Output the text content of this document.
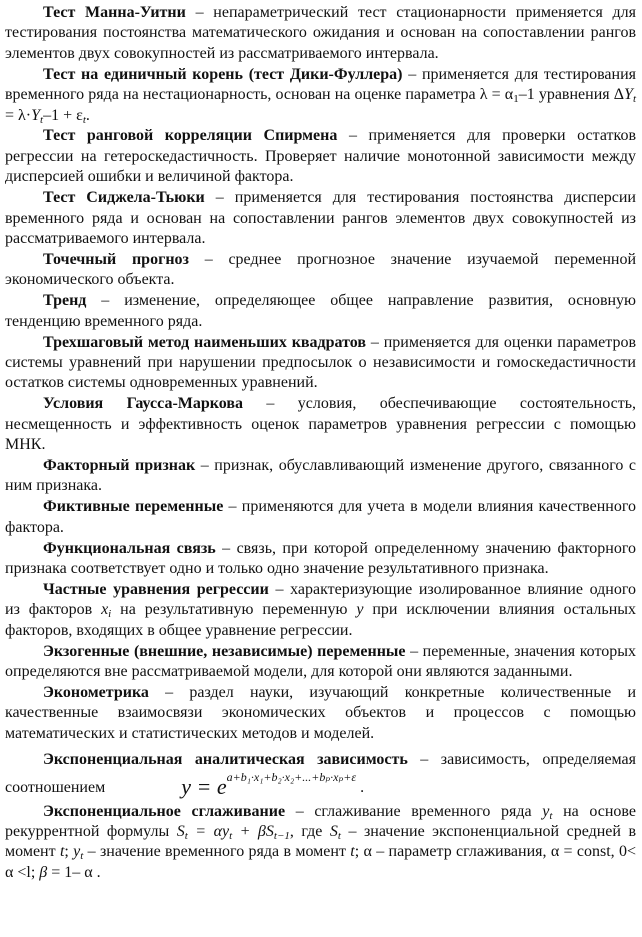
Тест Манна-Уитни – непараметрический тест стационарности применяется для тестирования постоянства математического ожидания и основан на сопоставлении рангов элементов двух совокупностей из рассматриваемого интервала.

Тест на единичный корень (тест Дики-Фуллера) – применяется для тестирования временного ряда на нестационарность, основан на оценке параметра $\lambda = \alpha_1-1$ уравнения $\Delta Y_t = \lambda\cdot Y_t-1 + \varepsilon_t$.

Тест ранговой корреляции Спирмена – применяется для проверки остатков регрессии на гетероскедастичность. Проверяет наличие монотонной зависимости между дисперсией ошибки и величиной фактора.

Тест Сиджела-Тьюки – применяется для тестирования постоянства дисперсии временного ряда и основан на сопоставлении рангов элементов двух совокупностей из рассматриваемого интервала.

Точечный прогноз – среднее прогнозное значение изучаемой переменной экономического объекта.

Тренд – изменение, определяющее общее направление развития, основную тенденцию временного ряда.

Трехшаговый метод наименьших квадратов – применяется для оценки параметров системы уравнений при нарушении предпосылок о независимости и гомоскедастичности остатков системы одновременных уравнений.

Условия Гаусса-Маркова – условия, обеспечивающие состоятельность, несмещенность и эффективность оценок параметров уравнения регрессии с помощью МНК.

Факторный признак – признак, обуславливающий изменение другого, связанного с ним признака.

Фиктивные переменные – применяются для учета в модели влияния качественного фактора.

Функциональная связь – связь, при которой определенному значению факторного признака соответствует одно и только одно значение результативного признака.

Частные уравнения регрессии – характеризующие изолированное влияние одного из факторов $x_i$ на результативную переменную y при исключении влияния остальных факторов, входящих в общее уравнение регрессии.

Экзогенные (внешние, независимые) переменные – переменные, значения которых определяются вне рассматриваемой модели, для которой они являются заданными.

Эконометрика – раздел науки, изучающий конкретные количественные и качественные взаимосвязи экономических объектов и процессов с помощью математических и статистических методов и моделей.

Экспоненциальная аналитическая зависимость – зависимость, определяемая соотношением	$y = e^{a+b_1\cdot x_1+b_2\cdot x_2+...+b_p\cdot x_p+\varepsilon}$.

Экспоненциальное сглаживание – сглаживание временного ряда $y_t$ на основе рекуррентной формулы $S_t = \alpha y_t + \beta S_{t-1}$, где $S_t$ – значение экспоненциальной средней в момент t; $y_t$ – значение временного ряда в момент t; α – параметр сглаживания, α = const, 0< α <l; β = 1– α .
